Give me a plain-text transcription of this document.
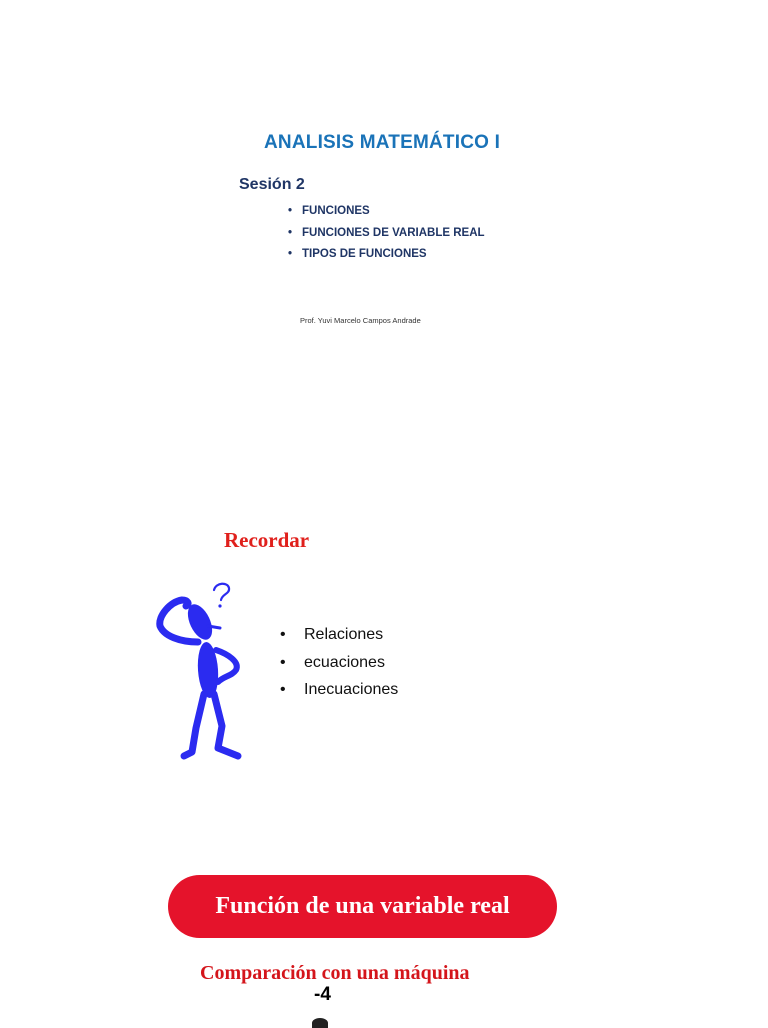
ANALISIS MATEMÁTICO I
Sesión 2
• FUNCIONES
• FUNCIONES DE VARIABLE REAL
• TIPOS DE FUNCIONES
Prof. Yuvi Marcelo Campos Andrade
Recordar
• Relaciones
• ecuaciones
• Inecuaciones
Función de una variable real
Comparación con una máquina
-4
